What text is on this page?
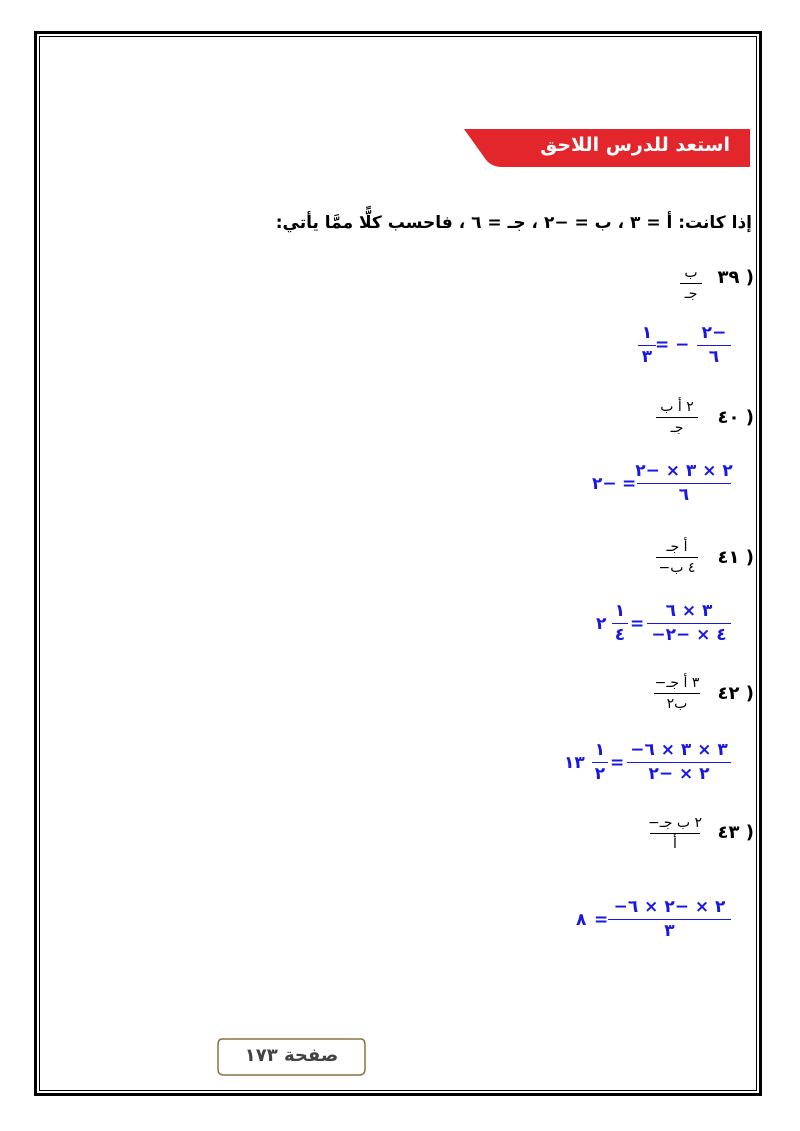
استعد للدرس اللاحق
إذا كانت: أ = ٣ ، ب = −٢ ، جـ = ٦ ، فاحسب كلًّا ممَّا يأتي:
٣٩ )
ب
جـ
٢−
٦
= −
١
٣
٤٠ )
٢ أ ب
جـ
٢ × ٣ × −٢
٦
=
٢−
٤١ )
أ جـ
−٤ ب
٣ × ٦
−٤ × −٢
=
١
٤
٢
٤٢ )
−٣ أ جـ
ب٢
−٣ × ٣ × ٦
٢ × −٢
=
١
٢
١٣
٤٣ )
−٢ ب جـ
أ
−٢ × −٢ × ٦
٣
=
٨
صفحة ١٧٣
